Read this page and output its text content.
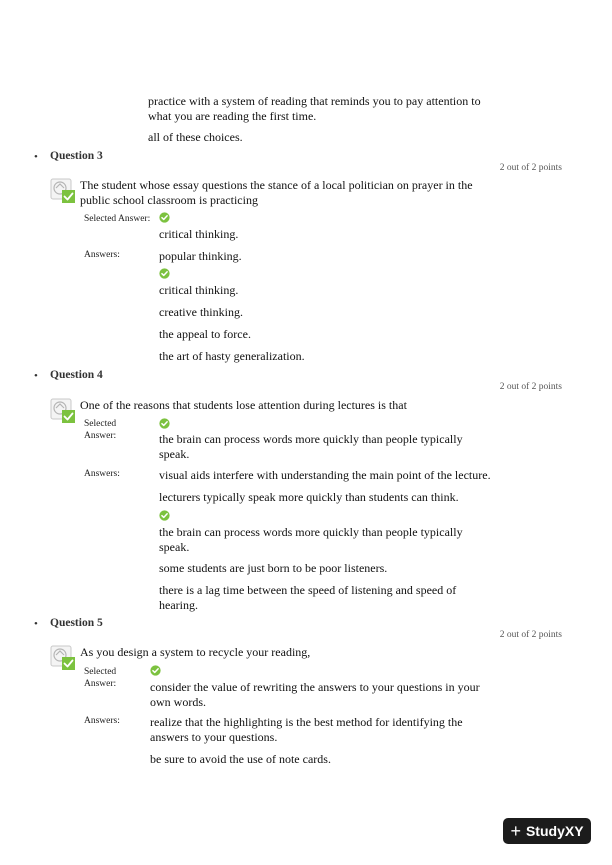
practice with a system of reading that reminds you to pay attention to what you are reading the first time.
all of these choices.
• Question 3
2 out of 2 points
The student whose essay questions the stance of a local politician on prayer in the public school classroom is practicing
Selected Answer:
critical thinking.
Answers:	popular thinking.
critical thinking.
creative thinking.
the appeal to force.
the art of hasty generalization.
• Question 4
2 out of 2 points
One of the reasons that students lose attention during lectures is that
Selected Answer:	the brain can process words more quickly than people typically speak.
Answers:	visual aids interfere with understanding the main point of the lecture.
lecturers typically speak more quickly than students can think.
the brain can process words more quickly than people typically speak.
some students are just born to be poor listeners.
there is a lag time between the speed of listening and speed of hearing.
• Question 5
2 out of 2 points
As you design a system to recycle your reading,
Selected Answer:	consider the value of rewriting the answers to your questions in your own words.
Answers:	realize that the highlighting is the best method for identifying the answers to your questions.
be sure to avoid the use of note cards.
+ StudyXY
